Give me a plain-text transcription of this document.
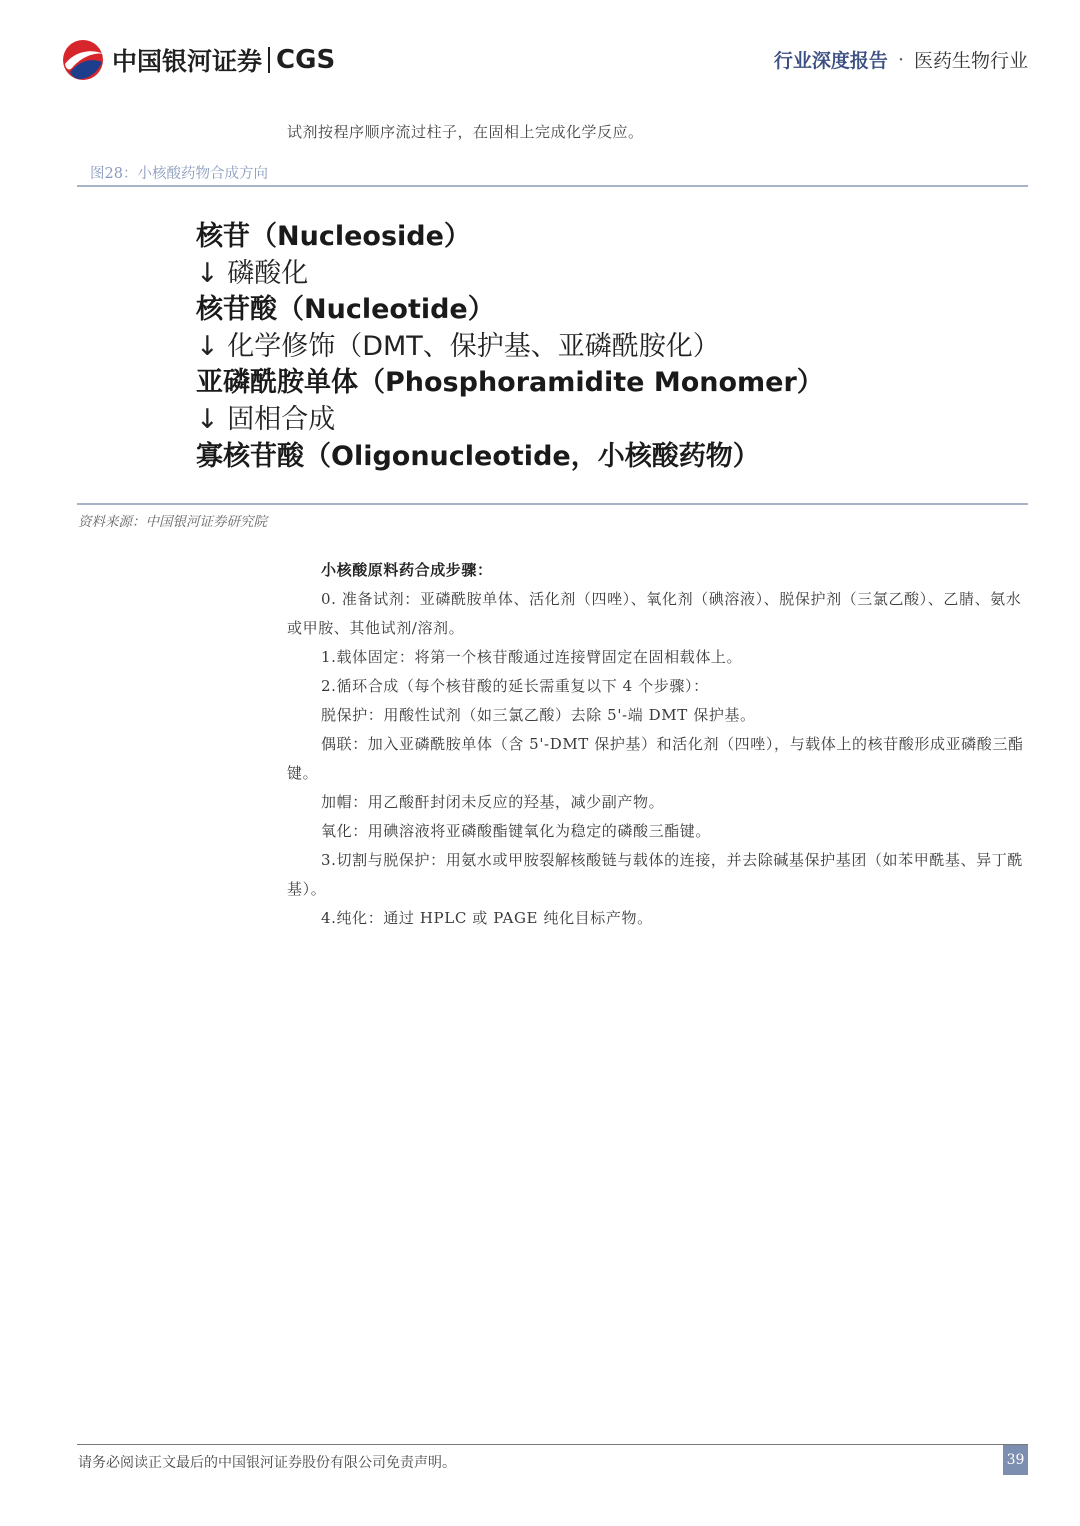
中国银河证券 CGS	行业深度报告 · 医药生物行业
试剂按程序顺序流过柱子，在固相上完成化学反应。
图28：小核酸药物合成方向
核苷（Nucleoside）
↓ 磷酸化
核苷酸（Nucleotide）
↓ 化学修饰（DMT、保护基、亚磷酰胺化）
亚磷酰胺单体（Phosphoramidite Monomer）
↓ 固相合成
寡核苷酸（Oligonucleotide，小核酸药物）
资料来源：中国银河证券研究院
小核酸原料药合成步骤：

0. 准备试剂：亚磷酰胺单体、活化剂（四唑）、氧化剂（碘溶液）、脱保护剂（三氯乙酸）、乙腈、氨水或甲胺、其他试剂/溶剂。

1.载体固定：将第一个核苷酸通过连接臂固定在固相载体上。

2.循环合成（每个核苷酸的延长需重复以下 4 个步骤）：

脱保护：用酸性试剂（如三氯乙酸）去除 5'-端 DMT 保护基。

偶联：加入亚磷酰胺单体（含 5'-DMT 保护基）和活化剂（四唑），与载体上的核苷酸形成亚磷酸三酯键。

加帽：用乙酸酐封闭未反应的羟基，减少副产物。

氧化：用碘溶液将亚磷酸酯键氧化为稳定的磷酸三酯键。

3.切割与脱保护：用氨水或甲胺裂解核酸链与载体的连接，并去除碱基保护基团（如苯甲酰基、异丁酰基）。

4.纯化：通过 HPLC 或 PAGE 纯化目标产物。

请务必阅读正文最后的中国银河证券股份有限公司免责声明。	39
